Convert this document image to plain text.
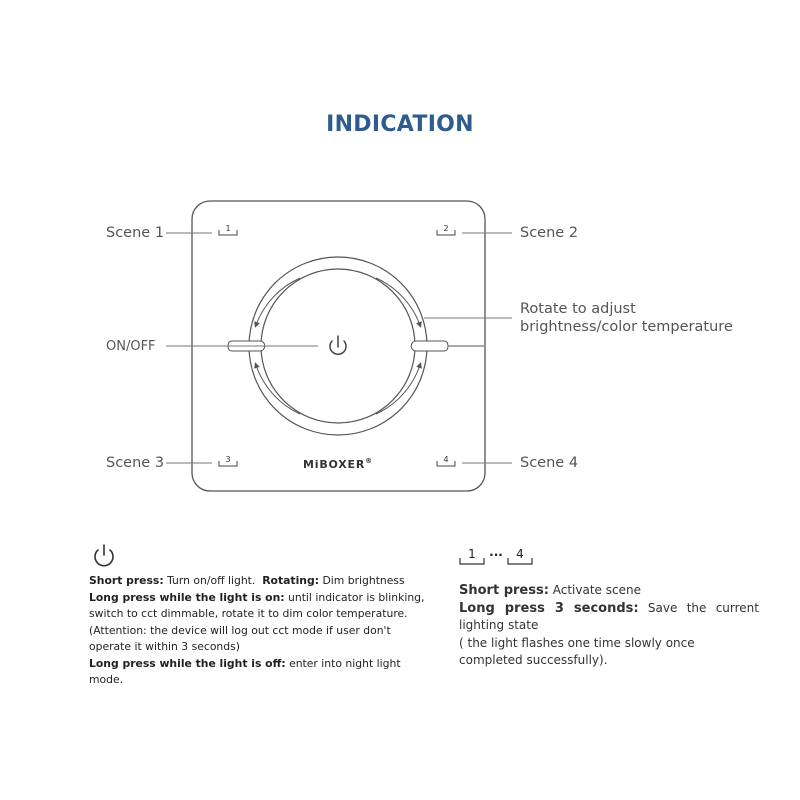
INDICATION
1	2
3	4
MiBOXER®
Scene 1	Scene 2
Scene 3	Scene 4
ON/OFF
Rotate to adjust
brightness/color temperature
Short press: Turn on/off light. Rotating: Dim brightness
Long press while the light is on: until indicator is blinking, switch to cct dimmable, rotate it to dim color temperature.
(Attention: the device will log out cct mode if user don't operate it within 3 seconds)
Long press while the light is off: enter into night light mode.
1 ··· 4
Short press: Activate scene
Long press 3 seconds: Save the current lighting state
( the light flashes one time slowly once completed successfully).
